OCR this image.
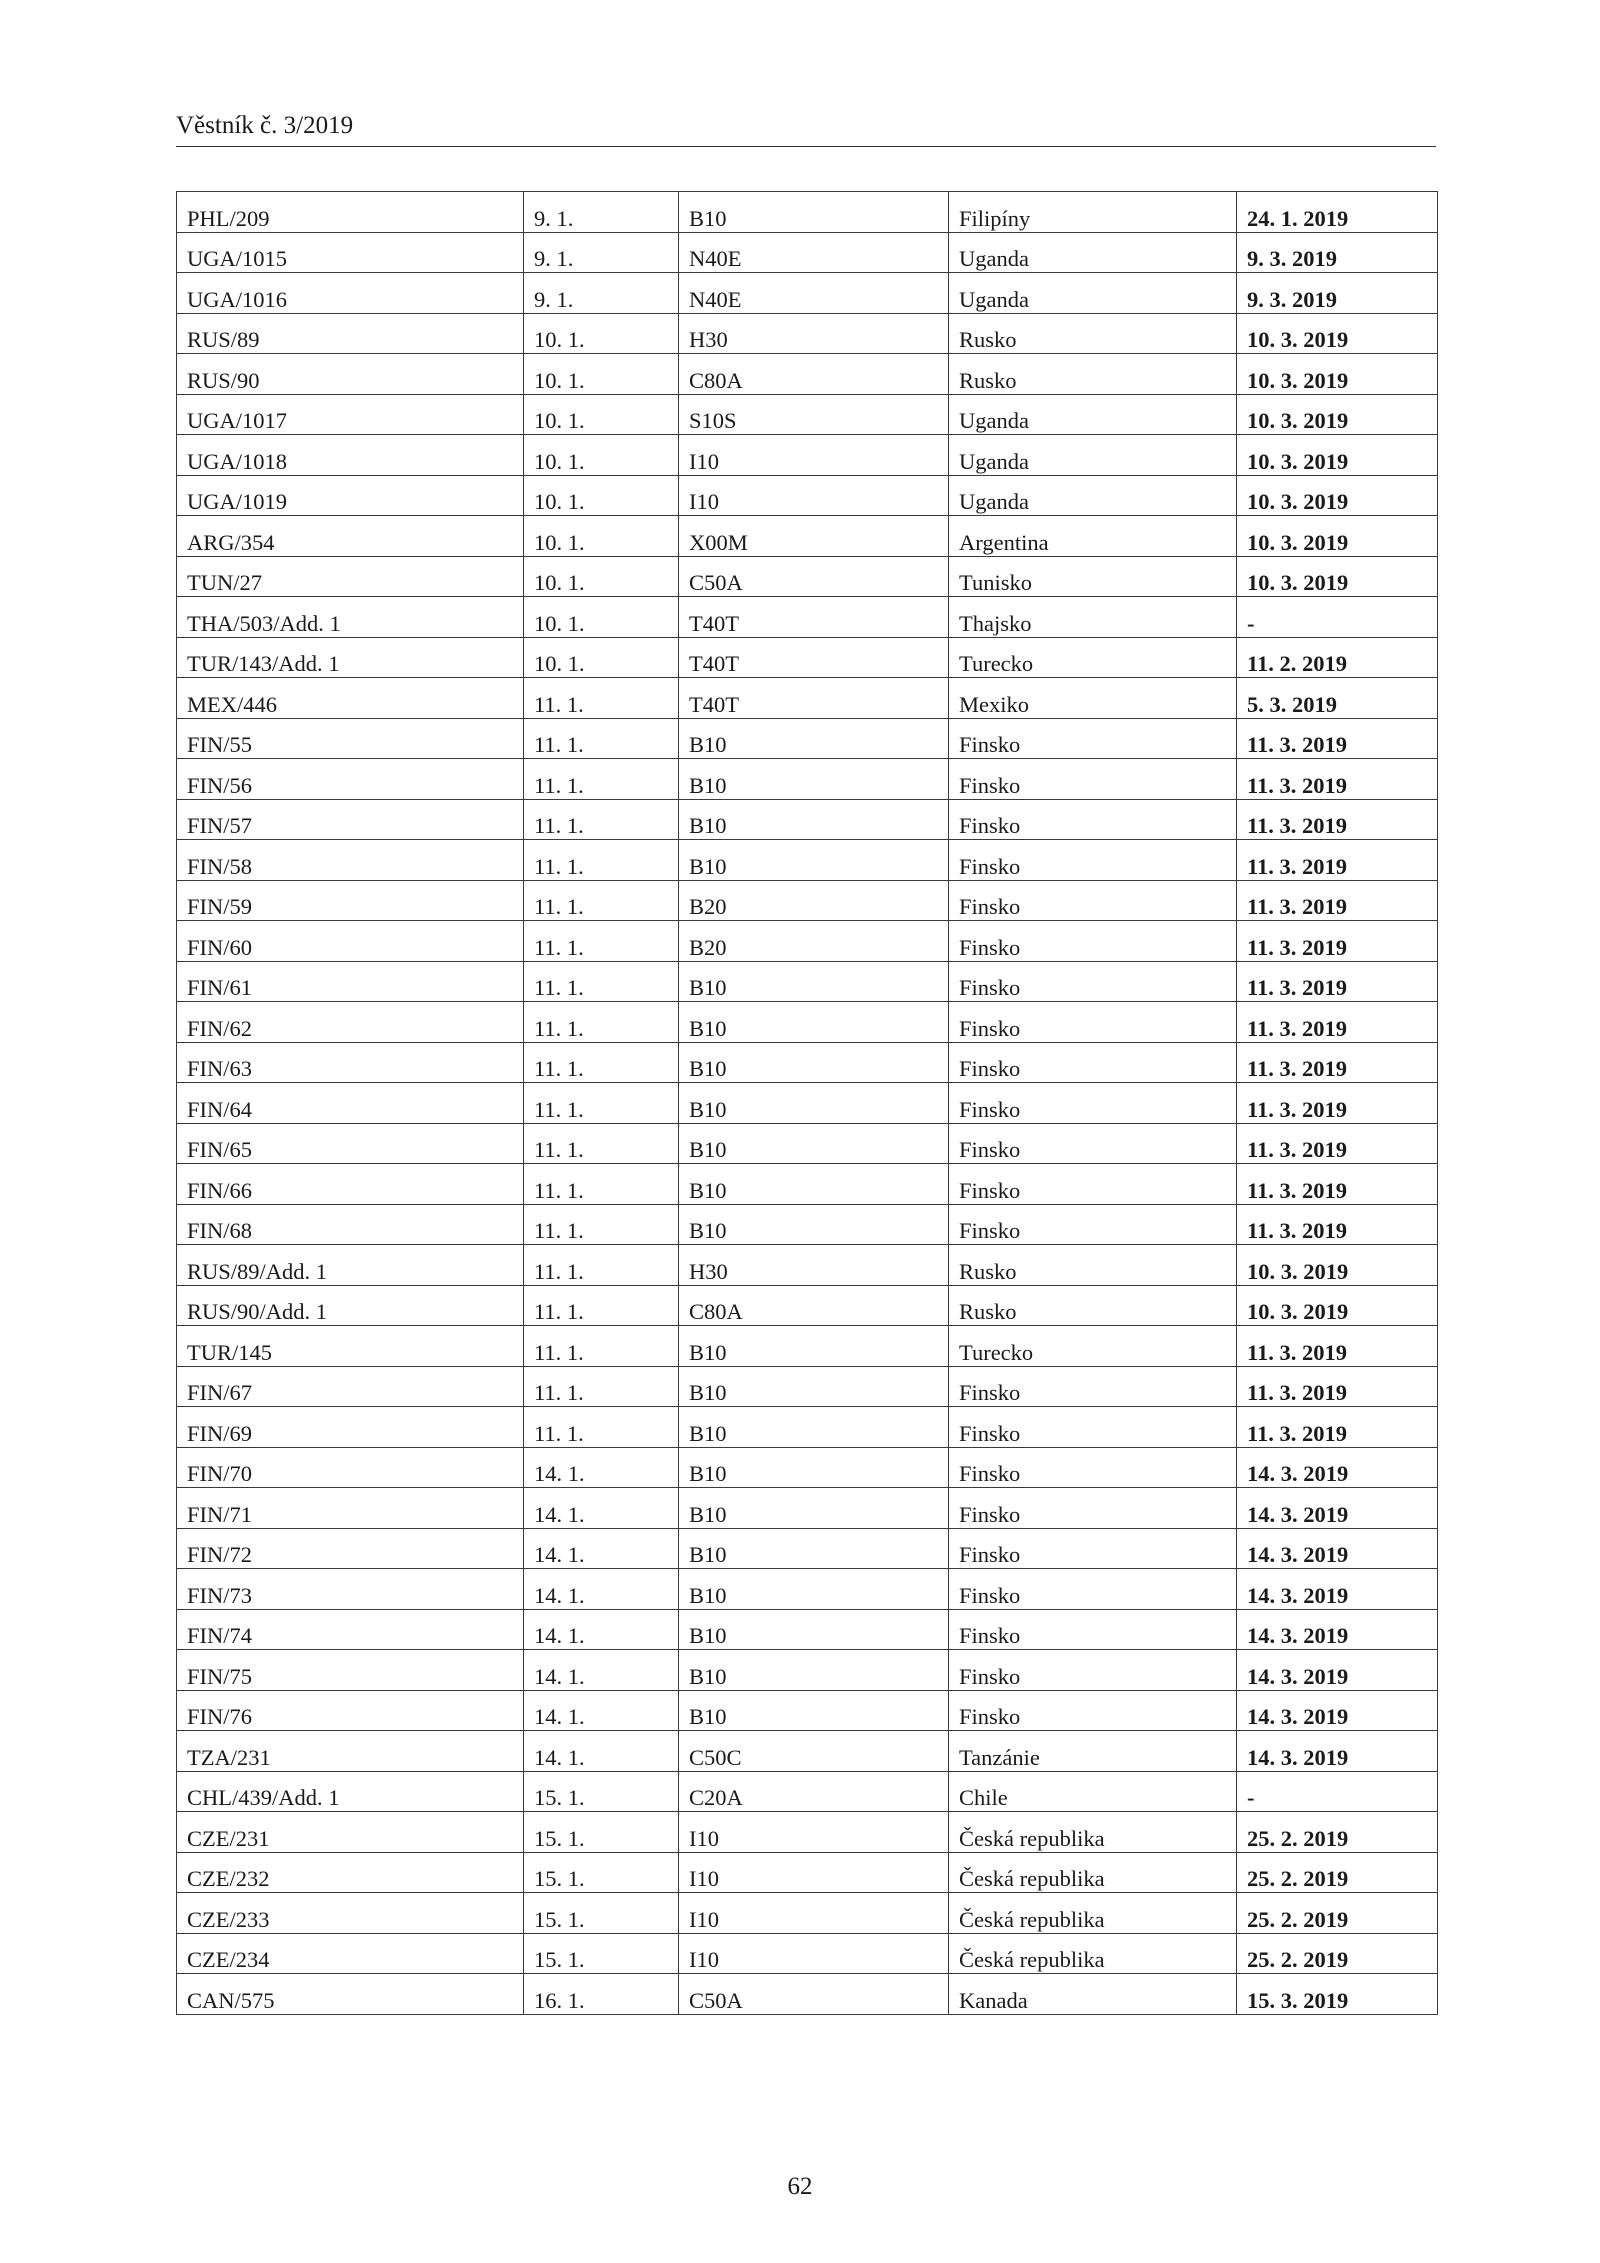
Věstník č. 3/2019
PHL/209	9. 1.	B10	Filipíny	24. 1. 2019
UGA/1015	9. 1.	N40E	Uganda	9. 3. 2019
UGA/1016	9. 1.	N40E	Uganda	9. 3. 2019
RUS/89	10. 1.	H30	Rusko	10. 3. 2019
RUS/90	10. 1.	C80A	Rusko	10. 3. 2019
UGA/1017	10. 1.	S10S	Uganda	10. 3. 2019
UGA/1018	10. 1.	I10	Uganda	10. 3. 2019
UGA/1019	10. 1.	I10	Uganda	10. 3. 2019
ARG/354	10. 1.	X00M	Argentina	10. 3. 2019
TUN/27	10. 1.	C50A	Tunisko	10. 3. 2019
THA/503/Add. 1	10. 1.	T40T	Thajsko	-
TUR/143/Add. 1	10. 1.	T40T	Turecko	11. 2. 2019
MEX/446	11. 1.	T40T	Mexiko	5. 3. 2019
FIN/55	11. 1.	B10	Finsko	11. 3. 2019
FIN/56	11. 1.	B10	Finsko	11. 3. 2019
FIN/57	11. 1.	B10	Finsko	11. 3. 2019
FIN/58	11. 1.	B10	Finsko	11. 3. 2019
FIN/59	11. 1.	B20	Finsko	11. 3. 2019
FIN/60	11. 1.	B20	Finsko	11. 3. 2019
FIN/61	11. 1.	B10	Finsko	11. 3. 2019
FIN/62	11. 1.	B10	Finsko	11. 3. 2019
FIN/63	11. 1.	B10	Finsko	11. 3. 2019
FIN/64	11. 1.	B10	Finsko	11. 3. 2019
FIN/65	11. 1.	B10	Finsko	11. 3. 2019
FIN/66	11. 1.	B10	Finsko	11. 3. 2019
FIN/68	11. 1.	B10	Finsko	11. 3. 2019
RUS/89/Add. 1	11. 1.	H30	Rusko	10. 3. 2019
RUS/90/Add. 1	11. 1.	C80A	Rusko	10. 3. 2019
TUR/145	11. 1.	B10	Turecko	11. 3. 2019
FIN/67	11. 1.	B10	Finsko	11. 3. 2019
FIN/69	11. 1.	B10	Finsko	11. 3. 2019
FIN/70	14. 1.	B10	Finsko	14. 3. 2019
FIN/71	14. 1.	B10	Finsko	14. 3. 2019
FIN/72	14. 1.	B10	Finsko	14. 3. 2019
FIN/73	14. 1.	B10	Finsko	14. 3. 2019
FIN/74	14. 1.	B10	Finsko	14. 3. 2019
FIN/75	14. 1.	B10	Finsko	14. 3. 2019
FIN/76	14. 1.	B10	Finsko	14. 3. 2019
TZA/231	14. 1.	C50C	Tanzánie	14. 3. 2019
CHL/439/Add. 1	15. 1.	C20A	Chile	-
CZE/231	15. 1.	I10	Česká republika	25. 2. 2019
CZE/232	15. 1.	I10	Česká republika	25. 2. 2019
CZE/233	15. 1.	I10	Česká republika	25. 2. 2019
CZE/234	15. 1.	I10	Česká republika	25. 2. 2019
CAN/575	16. 1.	C50A	Kanada	15. 3. 2019
62
